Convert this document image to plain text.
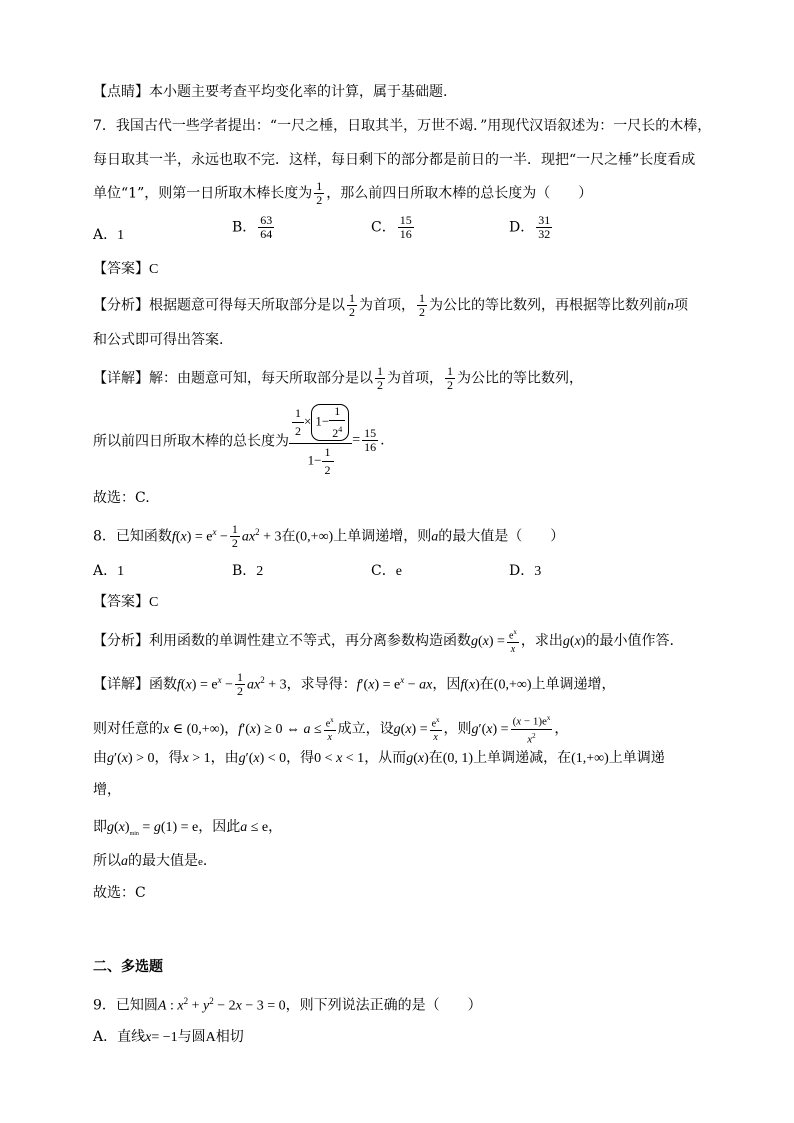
【点睛】本小题主要考查平均变化率的计算，属于基础题.
7．我国古代一些学者提出：“一尺之棰，日取其半，万世不竭．”用现代汉语叙述为：一尺长的木棒，
每日取其一半，永远也取不完．这样，每日剩下的部分都是前日的一半．现把“一尺之棰”长度看成
单位“1”，则第一日所取木棒长度为 $\frac{1}{2}$ ，那么前四日所取木棒的总长度为（　　）
A．1	B． $\frac{63}{64}$	C． $\frac{15}{16}$	D． $\frac{31}{32}$
【答案】C
【分析】根据题意可得每天所取部分是以 $\frac{1}{2}$ 为首项， $\frac{1}{2}$ 为公比的等比数列，再根据等比数列前n项
和公式即可得出答案.
【详解】解：由题意可知，每天所取部分是以 $\frac{1}{2}$ 为首项， $\frac{1}{2}$ 为公比的等比数列，
所以前四日所取木棒的总长度为 $\frac{\frac{1}{2} \times 1- \frac{1}{2^4}}{1- \frac{1}{2}} = \frac{15}{16}$ .
故选：C.
8．已知函数$f(x) = e^x - \frac{1}{2} ax^2 + 3$在(0,+∞)上单调递增，则a的最大值是（　　）
A．1	B．2	C．e	D．3
【答案】C
【分析】利用函数的单调性建立不等式，再分离参数构造函数$g(x) = \frac{e^x}{x}$ ，求出g(x)的最小值作答.
【详解】函数$f(x) = e^x - \frac{1}{2} ax^2 + 3$，求导得：$f'(x) = e^x$ − ax，因f(x)在(0,+∞)上单调递增，
则对任意的x ∈ (0,+∞)，f′(x) ≥ 0 ⇔ $a \le \frac{e^x}{x}$ 成立，设$g(x) = \frac{e^x}{x}$ ，则$g'(x) = \frac{(x - 1)e^x}{x^2}$ ，
由g′(x) > 0，得x > 1，由g′(x) < 0，得0 < x < 1，从而g(x)在(0, 1)上单调递减，在(1,+∞)上单调递
增，
即$g(x)_{min} = g(1) = e$，因此a ≤ e，
所以a的最大值是e.
故选：C
二、多选题
9．已知圆A : $x^2 + y^2 - 2x - 3 = 0$，则下列说法正确的是（　　）
A．直线x= −1与圆A相切
